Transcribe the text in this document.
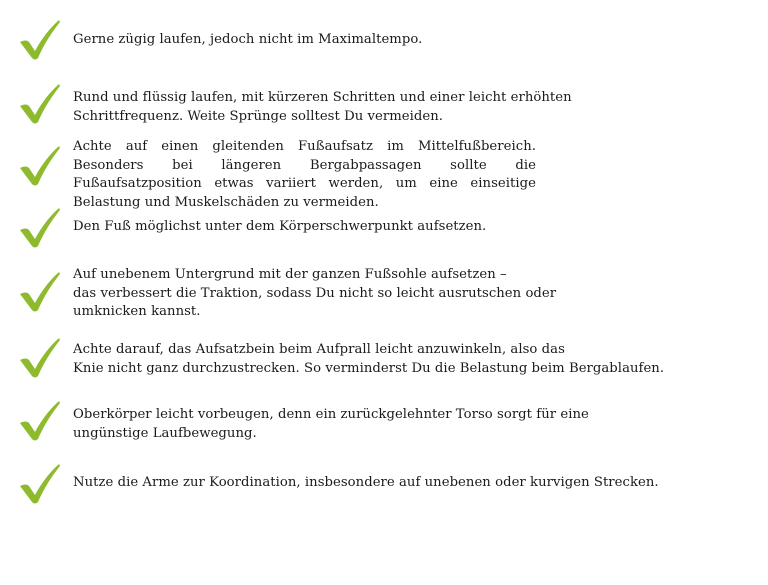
Gerne zügig laufen, jedoch nicht im Maximaltempo.
Rund und flüssig laufen, mit kürzeren Schritten und einer leicht erhöhten
Schrittfrequenz. Weite Sprünge solltest Du vermeiden.
Achte auf einen gleitenden Fußaufsatz im Mittelfußbereich. Besonders bei längeren Bergabpassagen sollte die Fußaufsatzposition etwas variiert werden, um eine einseitige Belastung und Muskelschäden zu vermeiden.
Den Fuß möglichst unter dem Körperschwerpunkt aufsetzen.
Auf unebenem Untergrund mit der ganzen Fußsohle aufsetzen –
das verbessert die Traktion, sodass Du nicht so leicht ausrutschen oder
umknicken kannst.
Achte darauf, das Aufsatzbein beim Aufprall leicht anzuwinkeln, also das
Knie nicht ganz durchzustrecken. So verminderst Du die Belastung beim Bergablaufen.
Oberkörper leicht vorbeugen, denn ein zurückgelehnter Torso sorgt für eine
ungünstige Laufbewegung.
Nutze die Arme zur Koordination, insbesondere auf unebenen oder kurvigen Strecken.
